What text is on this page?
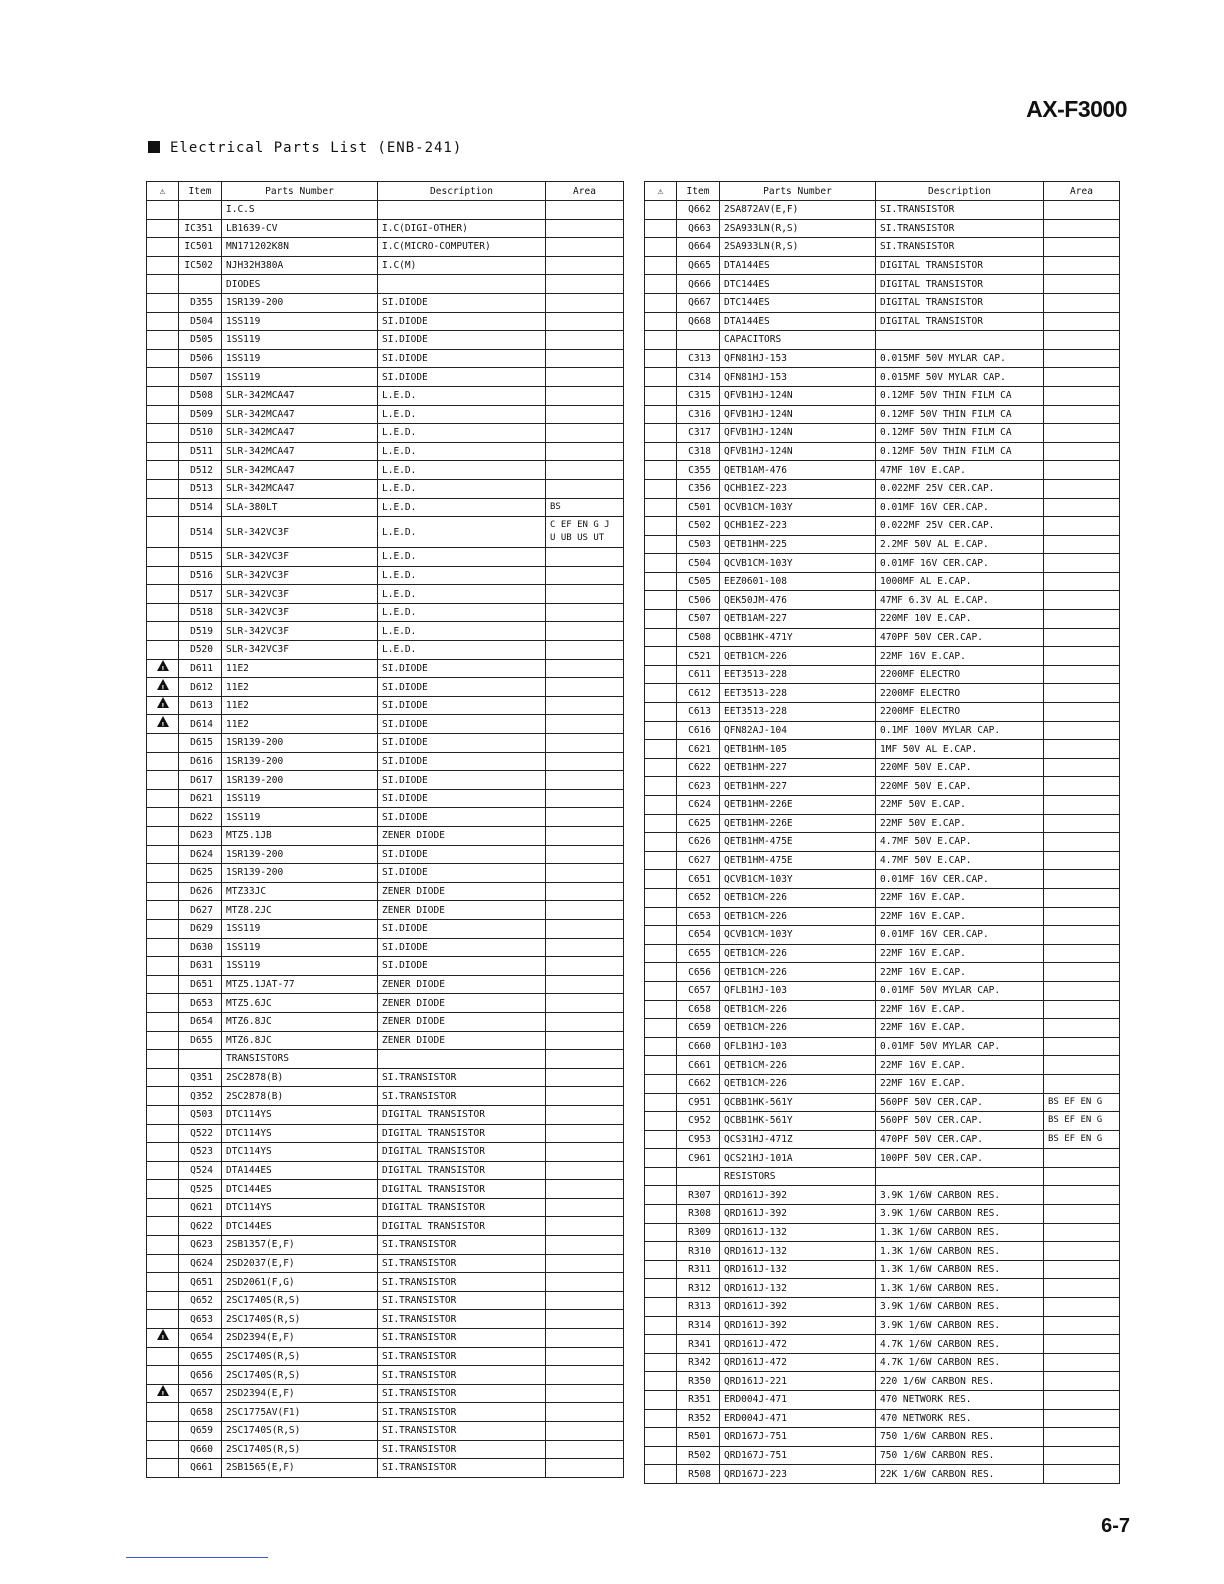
AX-F3000
Electrical Parts List (ENB-241)
⚠	Item	Parts Number	Description	Area
		I.C.S		
	IC351	LB1639-CV	I.C(DIGI-OTHER)	
	IC501	MN171202K8N	I.C(MICRO-COMPUTER)	
	IC502	NJH32H380A	I.C(M)	
		DIODES		
	D355	1SR139-200	SI.DIODE	
	D504	1SS119	SI.DIODE	
	D505	1SS119	SI.DIODE	
	D506	1SS119	SI.DIODE	
	D507	1SS119	SI.DIODE	
	D508	SLR-342MCA47	L.E.D.	
	D509	SLR-342MCA47	L.E.D.	
	D510	SLR-342MCA47	L.E.D.	
	D511	SLR-342MCA47	L.E.D.	
	D512	SLR-342MCA47	L.E.D.	
	D513	SLR-342MCA47	L.E.D.	
	D514	SLA-380LT	L.E.D.	BS
	D514	SLR-342VC3F	L.E.D.	C EF EN G J U UB US UT
	D515	SLR-342VC3F	L.E.D.	
	D516	SLR-342VC3F	L.E.D.	
	D517	SLR-342VC3F	L.E.D.	
	D518	SLR-342VC3F	L.E.D.	
	D519	SLR-342VC3F	L.E.D.	
	D520	SLR-342VC3F	L.E.D.	
!	D611	11E2	SI.DIODE	
!	D612	11E2	SI.DIODE	
!	D613	11E2	SI.DIODE	
!	D614	11E2	SI.DIODE	
	D615	1SR139-200	SI.DIODE	
	D616	1SR139-200	SI.DIODE	
	D617	1SR139-200	SI.DIODE	
	D621	1SS119	SI.DIODE	
	D622	1SS119	SI.DIODE	
	D623	MTZ5.1JB	ZENER DIODE	
	D624	1SR139-200	SI.DIODE	
	D625	1SR139-200	SI.DIODE	
	D626	MTZ33JC	ZENER DIODE	
	D627	MTZ8.2JC	ZENER DIODE	
	D629	1SS119	SI.DIODE	
	D630	1SS119	SI.DIODE	
	D631	1SS119	SI.DIODE	
	D651	MTZ5.1JAT-77	ZENER DIODE	
	D653	MTZ5.6JC	ZENER DIODE	
	D654	MTZ6.8JC	ZENER DIODE	
	D655	MTZ6.8JC	ZENER DIODE	
		TRANSISTORS		
	Q351	2SC2878(B)	SI.TRANSISTOR	
	Q352	2SC2878(B)	SI.TRANSISTOR	
	Q503	DTC114YS	DIGITAL TRANSISTOR	
	Q522	DTC114YS	DIGITAL TRANSISTOR	
	Q523	DTC114YS	DIGITAL TRANSISTOR	
	Q524	DTA144ES	DIGITAL TRANSISTOR	
	Q525	DTC144ES	DIGITAL TRANSISTOR	
	Q621	DTC114YS	DIGITAL TRANSISTOR	
	Q622	DTC144ES	DIGITAL TRANSISTOR	
	Q623	2SB1357(E,F)	SI.TRANSISTOR	
	Q624	2SD2037(E,F)	SI.TRANSISTOR	
	Q651	2SD2061(F,G)	SI.TRANSISTOR	
	Q652	2SC1740S(R,S)	SI.TRANSISTOR	
	Q653	2SC1740S(R,S)	SI.TRANSISTOR	
!	Q654	2SD2394(E,F)	SI.TRANSISTOR	
	Q655	2SC1740S(R,S)	SI.TRANSISTOR	
	Q656	2SC1740S(R,S)	SI.TRANSISTOR	
!	Q657	2SD2394(E,F)	SI.TRANSISTOR	
	Q658	2SC1775AV(F1)	SI.TRANSISTOR	
	Q659	2SC1740S(R,S)	SI.TRANSISTOR	
	Q660	2SC1740S(R,S)	SI.TRANSISTOR	
	Q661	2SB1565(E,F)	SI.TRANSISTOR	
⚠	Item	Parts Number	Description	Area
	Q662	2SA872AV(E,F)	SI.TRANSISTOR	
	Q663	2SA933LN(R,S)	SI.TRANSISTOR	
	Q664	2SA933LN(R,S)	SI.TRANSISTOR	
	Q665	DTA144ES	DIGITAL TRANSISTOR	
	Q666	DTC144ES	DIGITAL TRANSISTOR	
	Q667	DTC144ES	DIGITAL TRANSISTOR	
	Q668	DTA144ES	DIGITAL TRANSISTOR	
		CAPACITORS		
	C313	QFN81HJ-153	0.015MF 50V MYLAR CAP.	
	C314	QFN81HJ-153	0.015MF 50V MYLAR CAP.	
	C315	QFVB1HJ-124N	0.12MF 50V THIN FILM CA	
	C316	QFVB1HJ-124N	0.12MF 50V THIN FILM CA	
	C317	QFVB1HJ-124N	0.12MF 50V THIN FILM CA	
	C318	QFVB1HJ-124N	0.12MF 50V THIN FILM CA	
	C355	QETB1AM-476	47MF 10V E.CAP.	
	C356	QCHB1EZ-223	0.022MF 25V CER.CAP.	
	C501	QCVB1CM-103Y	0.01MF 16V CER.CAP.	
	C502	QCHB1EZ-223	0.022MF 25V CER.CAP.	
	C503	QETB1HM-225	2.2MF 50V AL E.CAP.	
	C504	QCVB1CM-103Y	0.01MF 16V CER.CAP.	
	C505	EEZ0601-108	1000MF AL E.CAP.	
	C506	QEK50JM-476	47MF 6.3V AL E.CAP.	
	C507	QETB1AM-227	220MF 10V E.CAP.	
	C508	QCBB1HK-471Y	470PF 50V CER.CAP.	
	C521	QETB1CM-226	22MF 16V E.CAP.	
	C611	EET3513-228	2200MF ELECTRO	
	C612	EET3513-228	2200MF ELECTRO	
	C613	EET3513-228	2200MF ELECTRO	
	C616	QFN82AJ-104	0.1MF 100V MYLAR CAP.	
	C621	QETB1HM-105	1MF 50V AL E.CAP.	
	C622	QETB1HM-227	220MF 50V E.CAP.	
	C623	QETB1HM-227	220MF 50V E.CAP.	
	C624	QETB1HM-226E	22MF 50V E.CAP.	
	C625	QETB1HM-226E	22MF 50V E.CAP.	
	C626	QETB1HM-475E	4.7MF 50V E.CAP.	
	C627	QETB1HM-475E	4.7MF 50V E.CAP.	
	C651	QCVB1CM-103Y	0.01MF 16V CER.CAP.	
	C652	QETB1CM-226	22MF 16V E.CAP.	
	C653	QETB1CM-226	22MF 16V E.CAP.	
	C654	QCVB1CM-103Y	0.01MF 16V CER.CAP.	
	C655	QETB1CM-226	22MF 16V E.CAP.	
	C656	QETB1CM-226	22MF 16V E.CAP.	
	C657	QFLB1HJ-103	0.01MF 50V MYLAR CAP.	
	C658	QETB1CM-226	22MF 16V E.CAP.	
	C659	QETB1CM-226	22MF 16V E.CAP.	
	C660	QFLB1HJ-103	0.01MF 50V MYLAR CAP.	
	C661	QETB1CM-226	22MF 16V E.CAP.	
	C662	QETB1CM-226	22MF 16V E.CAP.	
	C951	QCBB1HK-561Y	560PF 50V CER.CAP.	BS EF EN G
	C952	QCBB1HK-561Y	560PF 50V CER.CAP.	BS EF EN G
	C953	QCS31HJ-471Z	470PF 50V CER.CAP.	BS EF EN G
	C961	QCS21HJ-101A	100PF 50V CER.CAP.	
		RESISTORS		
	R307	QRD161J-392	3.9K 1/6W CARBON RES.	
	R308	QRD161J-392	3.9K 1/6W CARBON RES.	
	R309	QRD161J-132	1.3K 1/6W CARBON RES.	
	R310	QRD161J-132	1.3K 1/6W CARBON RES.	
	R311	QRD161J-132	1.3K 1/6W CARBON RES.	
	R312	QRD161J-132	1.3K 1/6W CARBON RES.	
	R313	QRD161J-392	3.9K 1/6W CARBON RES.	
	R314	QRD161J-392	3.9K 1/6W CARBON RES.	
	R341	QRD161J-472	4.7K 1/6W CARBON RES.	
	R342	QRD161J-472	4.7K 1/6W CARBON RES.	
	R350	QRD161J-221	220 1/6W CARBON RES.	
	R351	ERD004J-471	470 NETWORK RES.	
	R352	ERD004J-471	470 NETWORK RES.	
	R501	QRD167J-751	750 1/6W CARBON RES.	
	R502	QRD167J-751	750 1/6W CARBON RES.	
	R508	QRD167J-223	22K 1/6W CARBON RES.	
6-7
